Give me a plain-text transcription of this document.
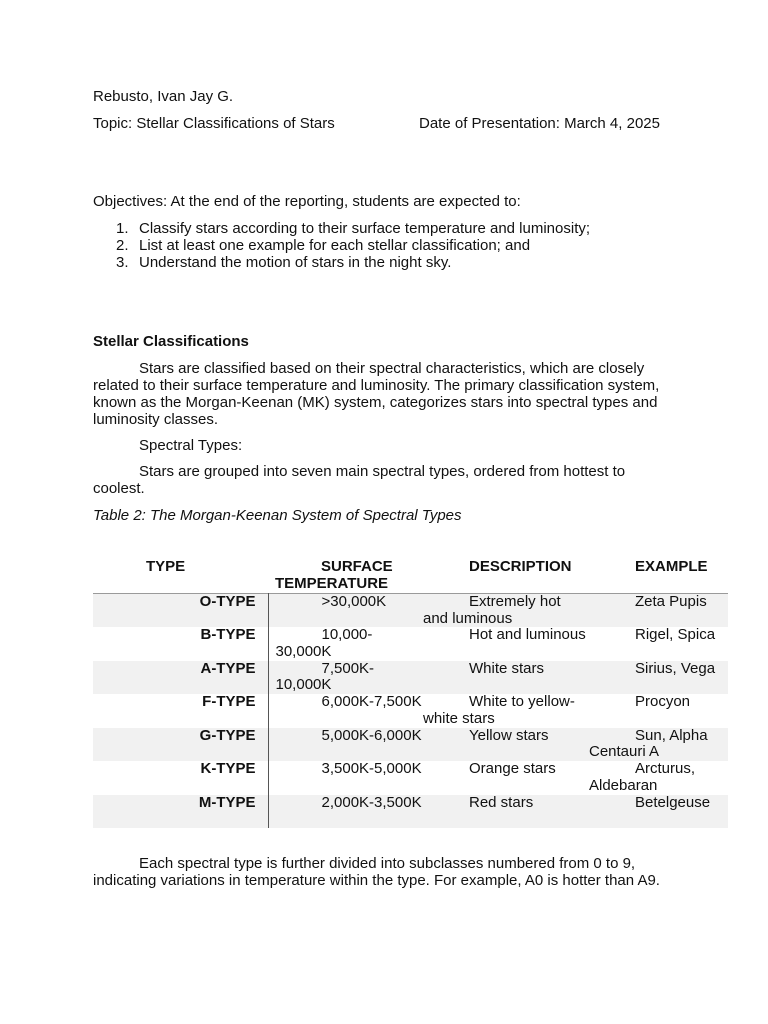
Rebusto, Ivan Jay G.
Topic: Stellar Classifications of Stars	Date of Presentation: March 4, 2025
Objectives: At the end of the reporting, students are expected to:
1. Classify stars according to their surface temperature and luminosity;
2. List at least one example for each stellar classification; and
3. Understand the motion of stars in the night sky.
Stellar Classifications
Stars are classified based on their spectral characteristics, which are closely related to their surface temperature and luminosity. The primary classification system, known as the Morgan-Keenan (MK) system, categorizes stars into spectral types and luminosity classes.
Spectral Types:
Stars are grouped into seven main spectral types, ordered from hottest to coolest.
Table 2: The Morgan-Keenan System of Spectral Types
TYPE	SURFACE TEMPERATURE	DESCRIPTION	EXAMPLE
O-TYPE	>30,000K	Extremely hot and luminous	Zeta Pupis
B-TYPE	10,000-30,000K	Hot and luminous	Rigel, Spica
A-TYPE	7,500K-10,000K	White stars	Sirius, Vega
F-TYPE	6,000K-7,500K	White to yellow-white stars	Procyon
G-TYPE	5,000K-6,000K	Yellow stars	Sun, Alpha Centauri A
K-TYPE	3,500K-5,000K	Orange stars	Arcturus, Aldebaran
M-TYPE	2,000K-3,500K	Red stars	Betelgeuse
Each spectral type is further divided into subclasses numbered from 0 to 9, indicating variations in temperature within the type. For example, A0 is hotter than A9.
